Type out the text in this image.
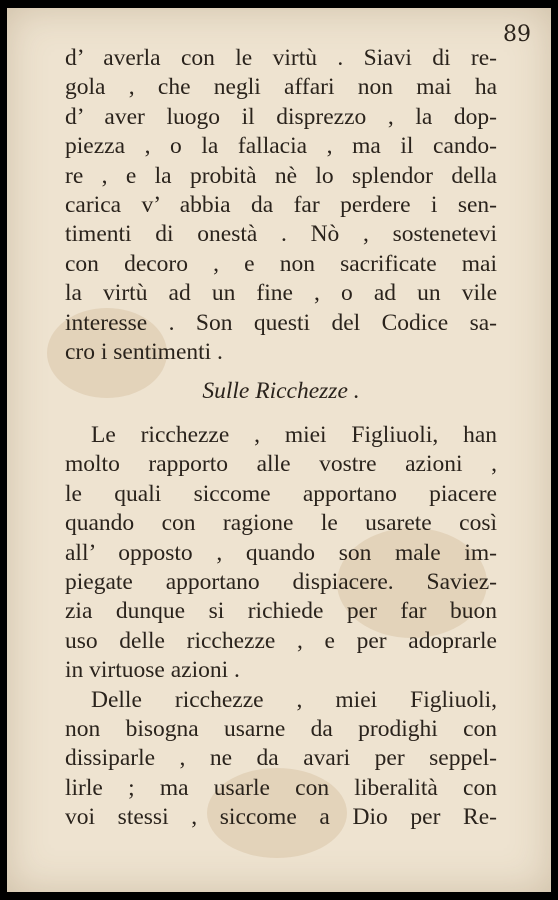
89
d’ averla con le virtù . Siavi di re-
gola , che negli affari non mai ha
d’ aver luogo il disprezzo , la dop-
piezza , o la fallacia , ma il cando-
re , e la probità nè lo splendor della
carica v’ abbia da far perdere i sen-
timenti di onestà . Nò , sostenetevi
con decoro , e non sacrificate mai
la virtù ad un fine , o ad un vile
interesse . Son questi del Codice sa-
cro i sentimenti .
Sulle Ricchezze .
Le ricchezze , miei Figliuoli, han
molto rapporto alle vostre azioni ,
le quali siccome apportano piacere
quando con ragione le usarete così
all’ opposto , quando son male im-
piegate apportano dispiacere. Saviez-
zia dunque si richiede per far buon
uso delle ricchezze , e per adoprarle
in virtuose azioni .
Delle ricchezze , miei Figliuoli,
non bisogna usarne da prodighi con
dissiparle , ne da avari per seppel-
lirle ; ma usarle con liberalità con
voi stessi , siccome a Dio per Re-
